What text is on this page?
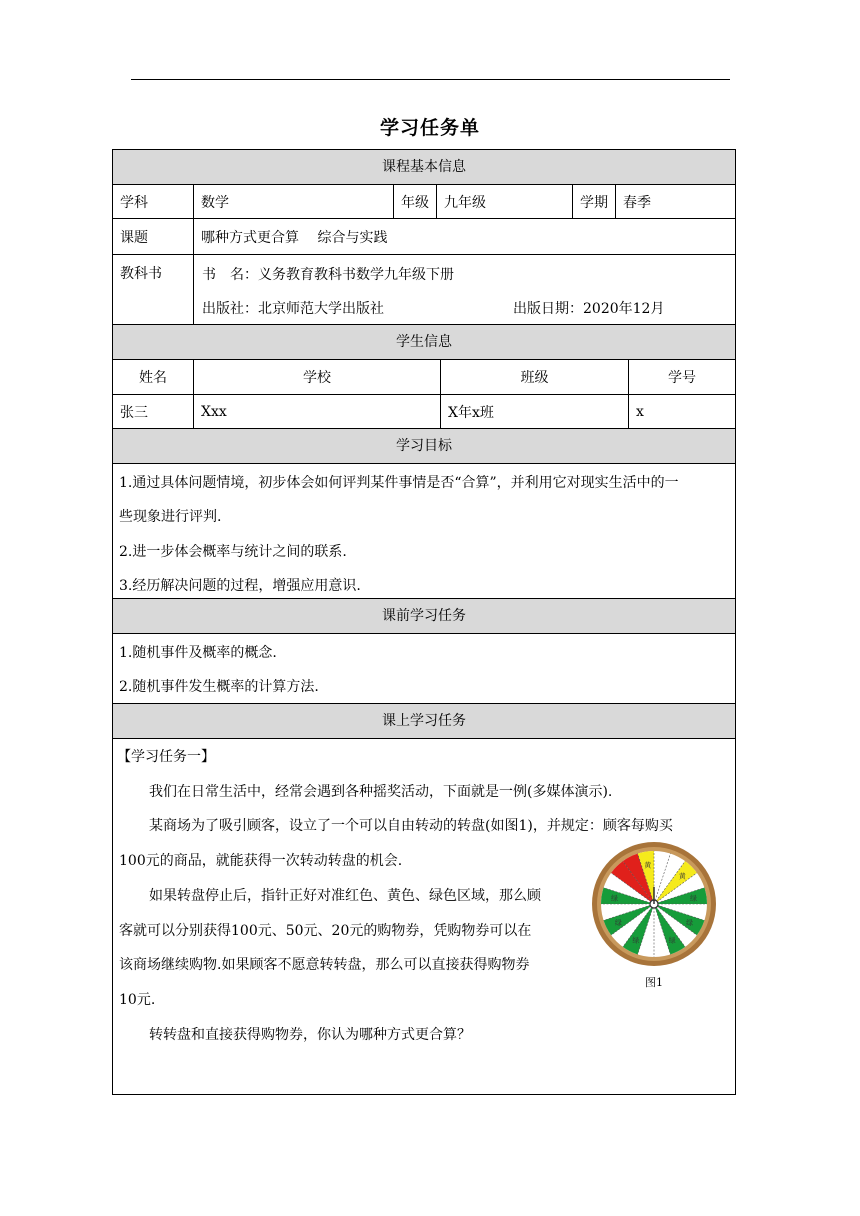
学习任务单
课程基本信息
学科	数学	年级	九年级	学期	春季
课题	哪种方式更合算　 综合与实践
教科书	书　名：义务教育教科书数学九年级下册
出版社：北京师范大学出版社	出版日期：2020年12月
学生信息
姓名	学校	班级	学号
张三	Xxx	X年x班	x
学习目标
1.通过具体问题情境，初步体会如何评判某件事情是否“合算”，并利用它对现实生活中的一
些现象进行评判.
2.进一步体会概率与统计之间的联系.
3.经历解决问题的过程，增强应用意识.
课前学习任务
1.随机事件及概率的概念.
2.随机事件发生概率的计算方法.
课上学习任务
【学习任务一】
我们在日常生活中，经常会遇到各种摇奖活动，下面就是一例(多媒体演示).
某商场为了吸引顾客，设立了一个可以自由转动的转盘(如图1)，并规定：顾客每购买
100元的商品，就能获得一次转动转盘的机会.
如果转盘停止后，指针正好对准红色、黄色、绿色区域，那么顾
客就可以分别获得100元、50元、20元的购物券，凭购物券可以在
该商场继续购物.如果顾客不愿意转转盘，那么可以直接获得购物券
10元.
转转盘和直接获得购物券，你认为哪种方式更合算？
黄
黄
绿
绿
绿
绿
绿
绿
图1
